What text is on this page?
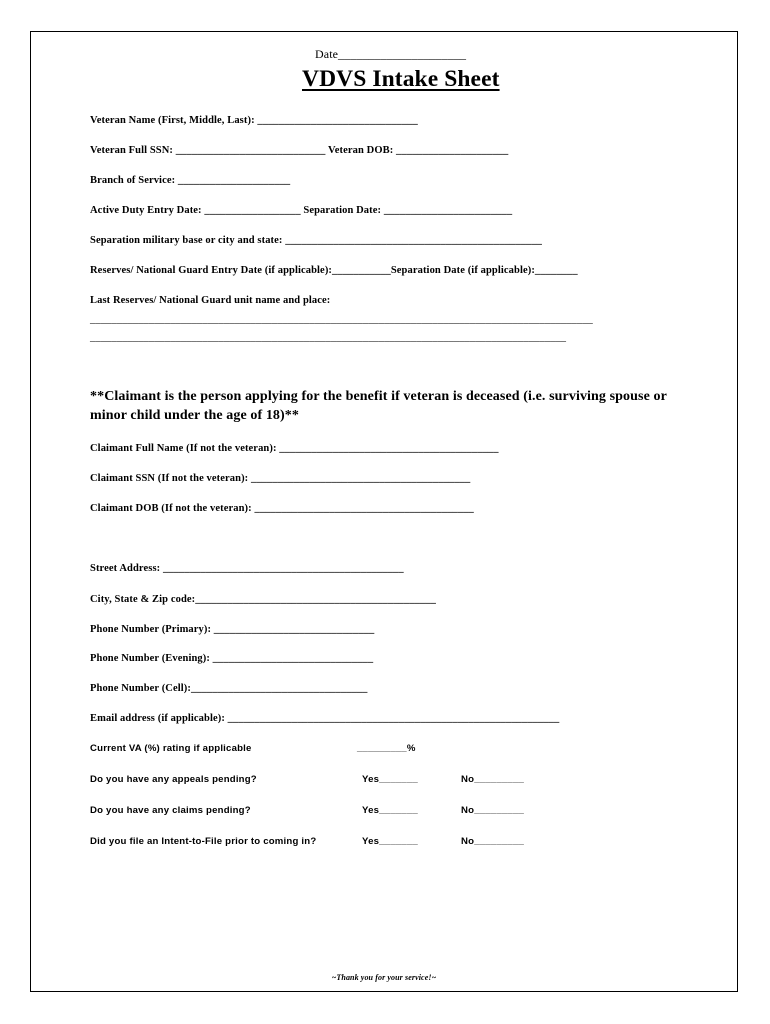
Date_____________________
VDVS Intake Sheet
Veteran Name (First, Middle, Last): ______________________________
Veteran Full SSN: ____________________________ Veteran DOB: _____________________
Branch of Service: _____________________
Active Duty Entry Date: __________________ Separation Date: ________________________
Separation military base or city and state: ________________________________________________
Reserves/ National Guard Entry Date (if applicable):___________Separation Date (if applicable):________
Last Reserves/ National Guard unit name and place:
______________________________________________________________________________________________
_________________________________________________________________________________________
**Claimant is the person applying for the benefit if veteran is deceased (i.e. surviving spouse or
minor child under the age of 18)**
Claimant Full Name (If not the veteran): _________________________________________
Claimant SSN (If not the veteran): _________________________________________
Claimant DOB (If not the veteran): _________________________________________
Street Address: _____________________________________________
City, State & Zip code:_____________________________________________
Phone Number (Primary): ______________________________
Phone Number (Evening): ______________________________
Phone Number (Cell):_________________________________
Email address (if applicable): ______________________________________________________________
Current VA (%) rating if applicable	_________%
Do you have any appeals pending?	Yes_______	No_________
Do you have any claims pending?	Yes_______	No_________
Did you file an Intent-to-File prior to coming in?	Yes_______	No_________
~Thank you for your service!~
